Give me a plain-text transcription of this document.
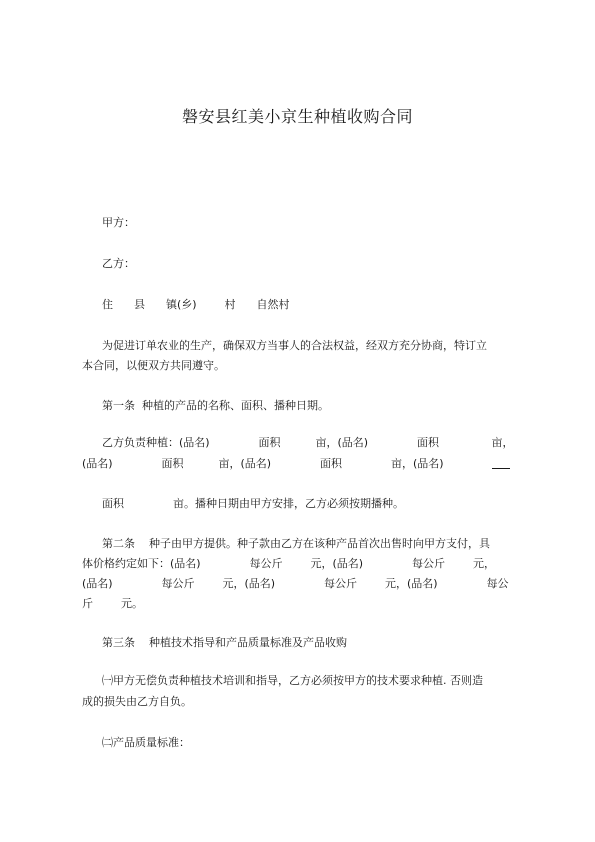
磐安县红美小京生种植收购合同
甲方：
乙方：
住      县      镇(乡)        村      自然村
为促进订单农业的生产，确保双方当事人的合法权益，经双方充分协商，特订立
本合同，以便双方共同遵守。
第一条  种植的产品的名称、面积、播种日期。
乙方负责种植：(品名)              面积          亩，(品名)              面积               亩，
(品名)              面积          亩，(品名)              面积              亩，(品名)
面积              亩。播种日期由甲方安排，乙方必须按期播种。
第二条    种子由甲方提供。种子款由乙方在该种产品首次出售时向甲方支付，具
体价格约定如下：(品名)              每公斤        元，(品名)              每公斤        元，
(品名)              每公斤        元，(品名)              每公斤        元，(品名)              每公
斤        元。
第三条    种植技术指导和产品质量标准及产品收购
㈠甲方无偿负责种植技术培训和指导，乙方必须按甲方的技术要求种植. 否则造
成的损失由乙方自负。
㈡产品质量标准：
